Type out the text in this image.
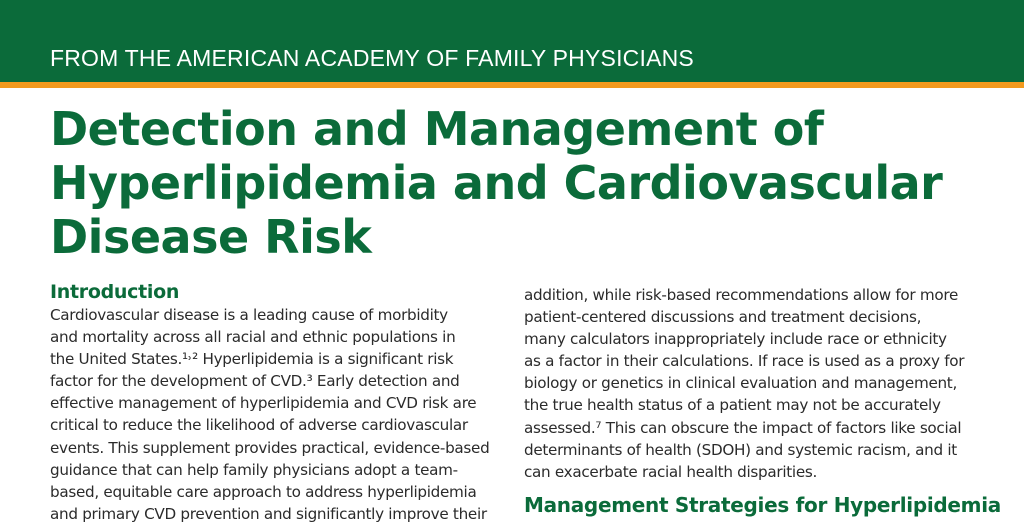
FROM THE AMERICAN ACADEMY OF FAMILY PHYSICIANS
Detection and Management of
Hyperlipidemia and Cardiovascular
Disease Risk
Introduction
Cardiovascular disease is a leading cause of morbidity
and mortality across all racial and ethnic populations in
the United States.¹˒² Hyperlipidemia is a significant risk
factor for the development of CVD.³ Early detection and
effective management of hyperlipidemia and CVD risk are
critical to reduce the likelihood of adverse cardiovascular
events. This supplement provides practical, evidence-based
guidance that can help family physicians adopt a team-
based, equitable care approach to address hyperlipidemia
and primary CVD prevention and significantly improve their
addition, while risk-based recommendations allow for more
patient-centered discussions and treatment decisions,
many calculators inappropriately include race or ethnicity
as a factor in their calculations. If race is used as a proxy for
biology or genetics in clinical evaluation and management,
the true health status of a patient may not be accurately
assessed.⁷ This can obscure the impact of factors like social
determinants of health (SDOH) and systemic racism, and it
can exacerbate racial health disparities.
Management Strategies for Hyperlipidemia
